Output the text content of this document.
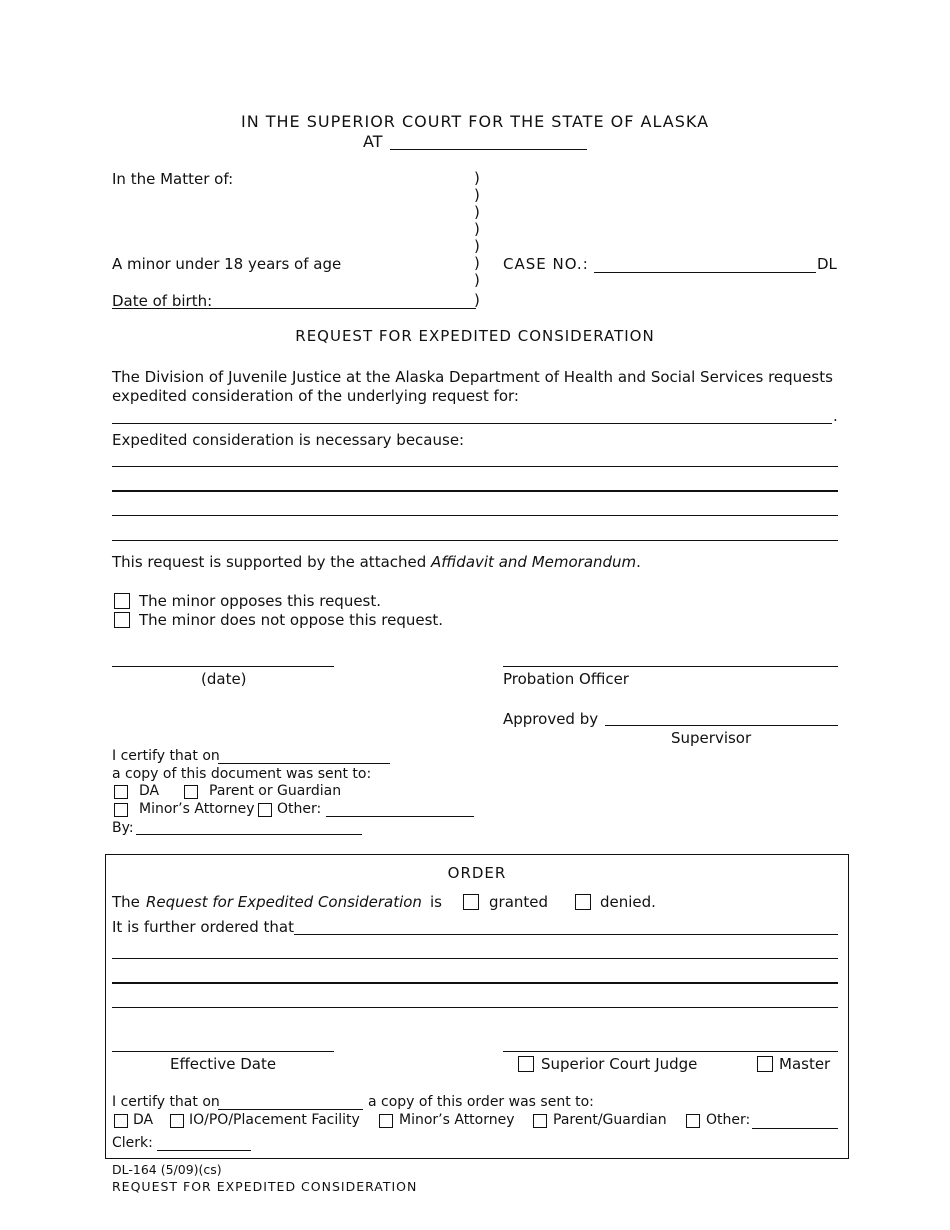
IN THE SUPERIOR COURT FOR THE STATE OF ALASKA
AT
In the Matter of:
A minor under 18 years of age
Date of birth:
)
)
)
)
)
)
)
)
CASE NO.:	DL
REQUEST FOR EXPEDITED CONSIDERATION
The Division of Juvenile Justice at the Alaska Department of Health and Social Services requests
expedited consideration of the underlying request for:
.
Expedited consideration is necessary because:
This request is supported by the attached Affidavit and Memorandum.
The minor opposes this request.
The minor does not oppose this request.
(date)	Probation Officer
Approved by
Supervisor
I certify that on
a copy of this document was sent to:
DA	Parent or Guardian
Minor’s Attorney Other:
By:
ORDER
The Request for Expedited Consideration is	granted	denied.
It is further ordered that
Effective Date	Superior Court Judge	Master
I certify that on	a copy of this order was sent to:
DA	IO/PO/Placement Facility	Minor’s Attorney	Parent/Guardian	Other:
Clerk:
DL-164 (5/09)(cs)
REQUEST FOR EXPEDITED CONSIDERATION
